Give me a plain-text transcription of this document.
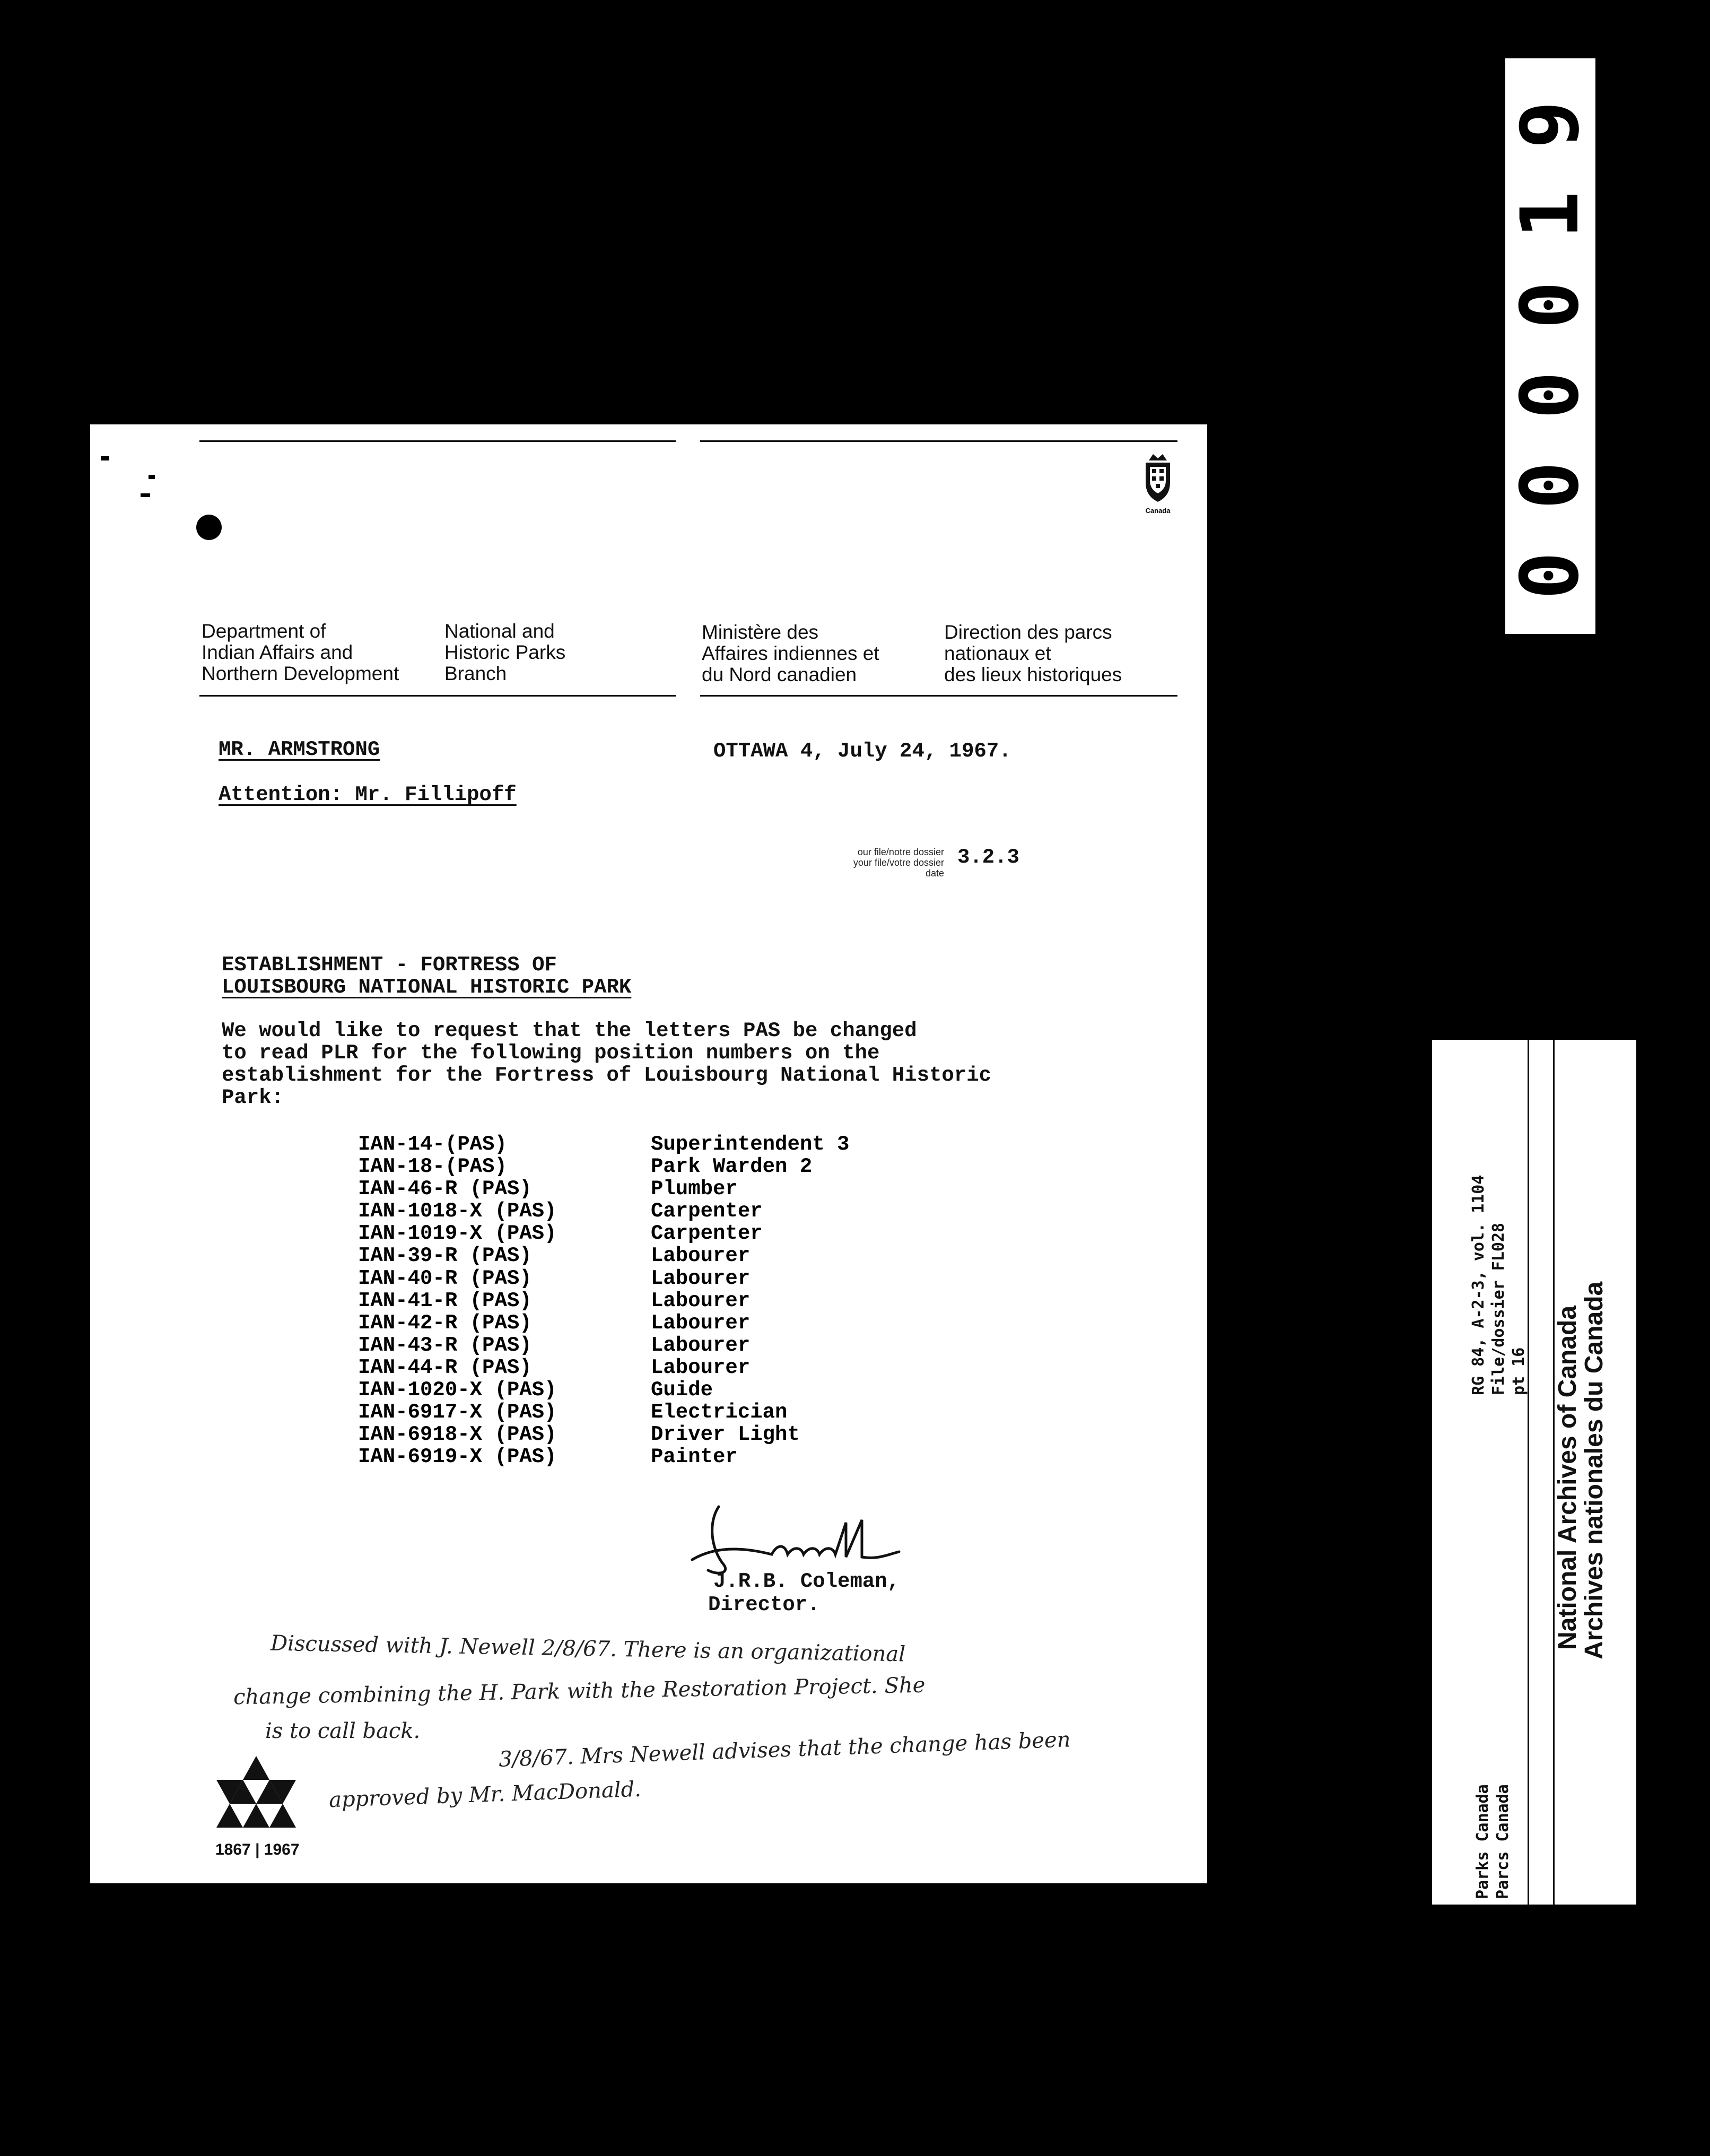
Canada
Department of
Indian Affairs and
Northern Development
National and
Historic Parks
Branch
Ministère des
Affaires indiennes et
du Nord canadien
Direction des parcs
nationaux et
des lieux historiques
MR. ARMSTRONG	OTTAWA 4, July 24, 1967.
Attention: Mr. Fillipoff
our file/notre dossier
your file/votre dossier
date
3.2.3
ESTABLISHMENT - FORTRESS OF
LOUISBOURG NATIONAL HISTORIC PARK
We would like to request that the letters PAS be changed
to read PLR for the following position numbers on the
establishment for the Fortress of Louisbourg National Historic
Park:
IAN-14-(PAS)	Superintendent 3
IAN-18-(PAS)	Park Warden 2
IAN-46-R (PAS)	Plumber
IAN-1018-X (PAS)	Carpenter
IAN-1019-X (PAS)	Carpenter
IAN-39-R (PAS)	Labourer
IAN-40-R (PAS)	Labourer
IAN-41-R (PAS)	Labourer
IAN-42-R (PAS)	Labourer
IAN-43-R (PAS)	Labourer
IAN-44-R (PAS)	Labourer
IAN-1020-X (PAS)	Guide
IAN-6917-X (PAS)	Electrician
IAN-6918-X (PAS)	Driver Light
IAN-6919-X (PAS)	Painter
J.R.B. Coleman,
Director.
Discussed with J. Newell 2/8/67. There is an organizational
change combining the H. Park with the Restoration Project. She
is to call back.	3/8/67. Mrs Newell advises that the change has been
approved by Mr. MacDonald.
1867 | 1967
0
0
0
0
1
9
RG 84, A-2-3, vol. 1104 File/dossier FL028 pt 16 National Archives of Canada
Archives nationales du Canada
Parks Canada Parcs Canada
